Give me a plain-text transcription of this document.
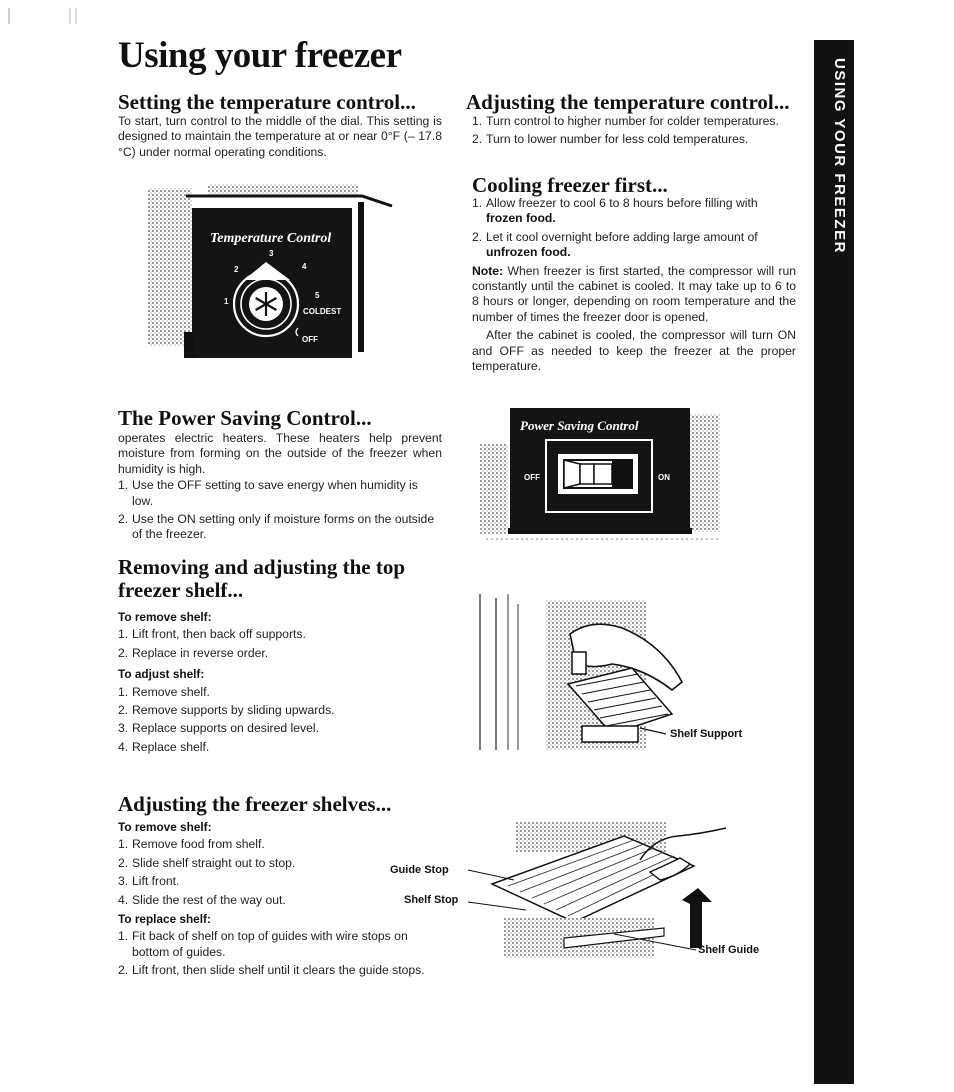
Using your freezer
USING YOUR FREEZER
5
Setting the temperature control...
To start, turn control to the middle of the dial. This setting is designed to maintain the temperature at or near 0°F (– 17.8 °C) under normal operating conditions.
Temperature Control
3
2	4
1
5
COLDEST
OFF
The Power Saving Control...

operates electric heaters. These heaters help prevent moisture from forming on the outside of the freezer when humidity is high.

1. Use the OFF setting to save energy when humidity is low.
2. Use the ON setting only if moisture forms on the outside of the freezer.
Removing and adjusting the top freezer shelf...
To remove shelf:
1. Lift front, then back off supports.
2. Replace in reverse order.
To adjust shelf:
1. Remove shelf.
2. Remove supports by sliding upwards.
3. Replace supports on desired level.
4. Replace shelf.
Adjusting the freezer shelves...
To remove shelf:
1. Remove food from shelf.
2. Slide shelf straight out to stop.
3. Lift front.
4. Slide the rest of the way out.
To replace shelf:
1. Fit back of shelf on top of guides with wire stops on bottom of guides.
2. Lift front, then slide shelf until it clears the guide stops.
Adjusting the temperature control...
1. Turn control to higher number for colder temperatures.
2. Turn to lower number for less cold temperatures.
Cooling freezer first...
1. Allow freezer to cool 6 to 8 hours before filling with frozen food.
2. Let it cool overnight before adding large amount of unfrozen food.

Note: When freezer is first started, the compressor will run constantly until the cabinet is cooled. It may take up to 6 to 8 hours or longer, depending on room temperature and the number of times the freezer door is opened.

After the cabinet is cooled, the compressor will turn ON and OFF as needed to keep the freezer at the proper temperature.

Power Saving Control
OFF	ON
Shelf Support
Guide Stop
Shelf Stop
Shelf Guide
